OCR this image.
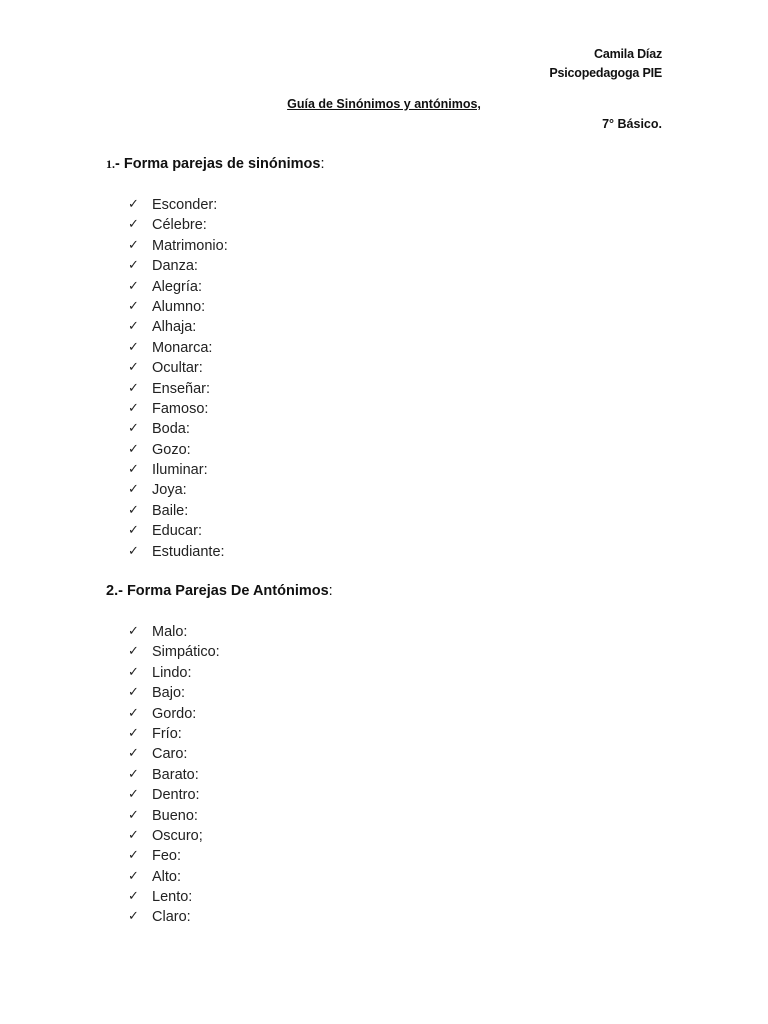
Camila Díaz
Psicopedagoga PIE
Guía de Sinónimos y antónimos,
7° Básico.
1.- Forma parejas de sinónimos:
✓ Esconder:
✓ Célebre:
✓ Matrimonio:
✓ Danza:
✓ Alegría:
✓ Alumno:
✓ Alhaja:
✓ Monarca:
✓ Ocultar:
✓ Enseñar:
✓ Famoso:
✓ Boda:
✓ Gozo:
✓ Iluminar:
✓ Joya:
✓ Baile:
✓ Educar:
✓ Estudiante:
2.- Forma Parejas De Antónimos:
✓ Malo:
✓ Simpático:
✓ Lindo:
✓ Bajo:
✓ Gordo:
✓ Frío:
✓ Caro:
✓ Barato:
✓ Dentro:
✓ Bueno:
✓ Oscuro;
✓ Feo:
✓ Alto:
✓ Lento:
✓ Claro:
